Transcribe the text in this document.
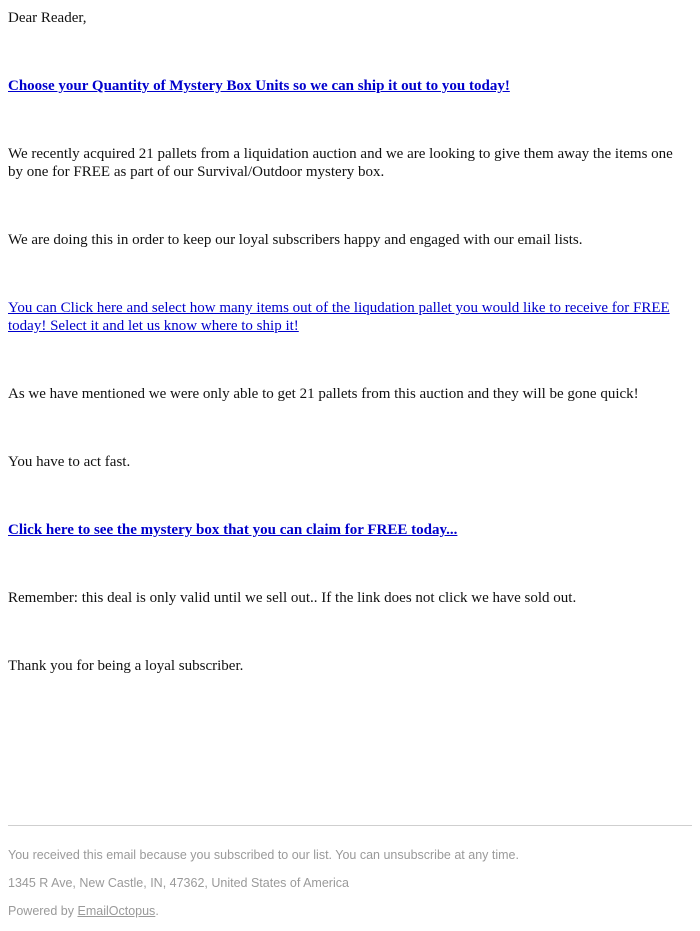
Dear Reader,

Choose your Quantity of Mystery Box Units so we can ship it out to you today!

We recently acquired 21 pallets from a liquidation auction and we are looking to give them away the items one by one for FREE as part of our Survival/Outdoor mystery box.

We are doing this in order to keep our loyal subscribers happy and engaged with our email lists.

You can Click here and select how many items out of the liqudation pallet you would like to receive for FREE today! Select it and let us know where to ship it!

As we have mentioned we were only able to get 21 pallets from this auction and they will be gone quick!

You have to act fast.

Click here to see the mystery box that you can claim for FREE today...

Remember: this deal is only valid until we sell out.. If the link does not click we have sold out.

Thank you for being a loyal subscriber.

You received this email because you subscribed to our list. You can unsubscribe at any time.

1345 R Ave, New Castle, IN, 47362, United States of America

Powered by EmailOctopus.
